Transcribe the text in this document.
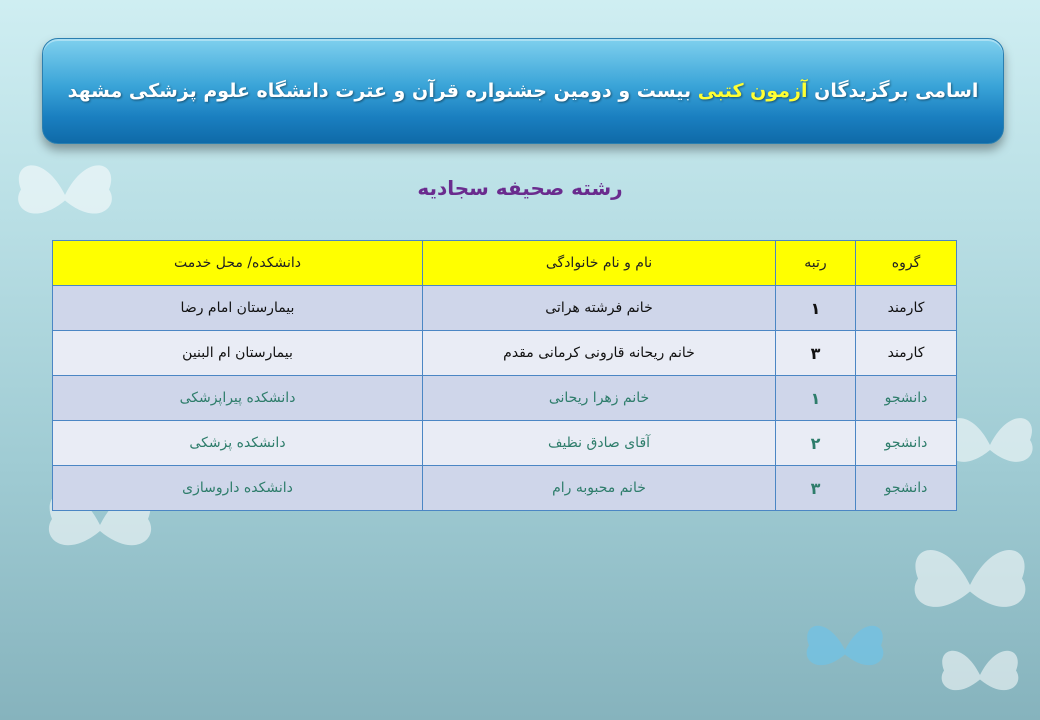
اسامی برگزیدگان آزمون کتبی بیست و دومین جشنواره قرآن و عترت دانشگاه علوم پزشکی مشهد
رشته صحیفه سجادیه
گروه	رتبه	نام و نام خانوادگی	دانشکده/ محل خدمت
کارمند	۱	خانم فرشته هراتی	بیمارستان امام رضا
کارمند	۳	خانم ریحانه قارونی کرمانی مقدم	بیمارستان ام البنین
دانشجو	۱	خانم زهرا ریحانی	دانشکده پیراپزشکی
دانشجو	۲	آقای صادق نظیف	دانشکده پزشکی
دانشجو	۳	خانم محبوبه رام	دانشکده داروسازی
